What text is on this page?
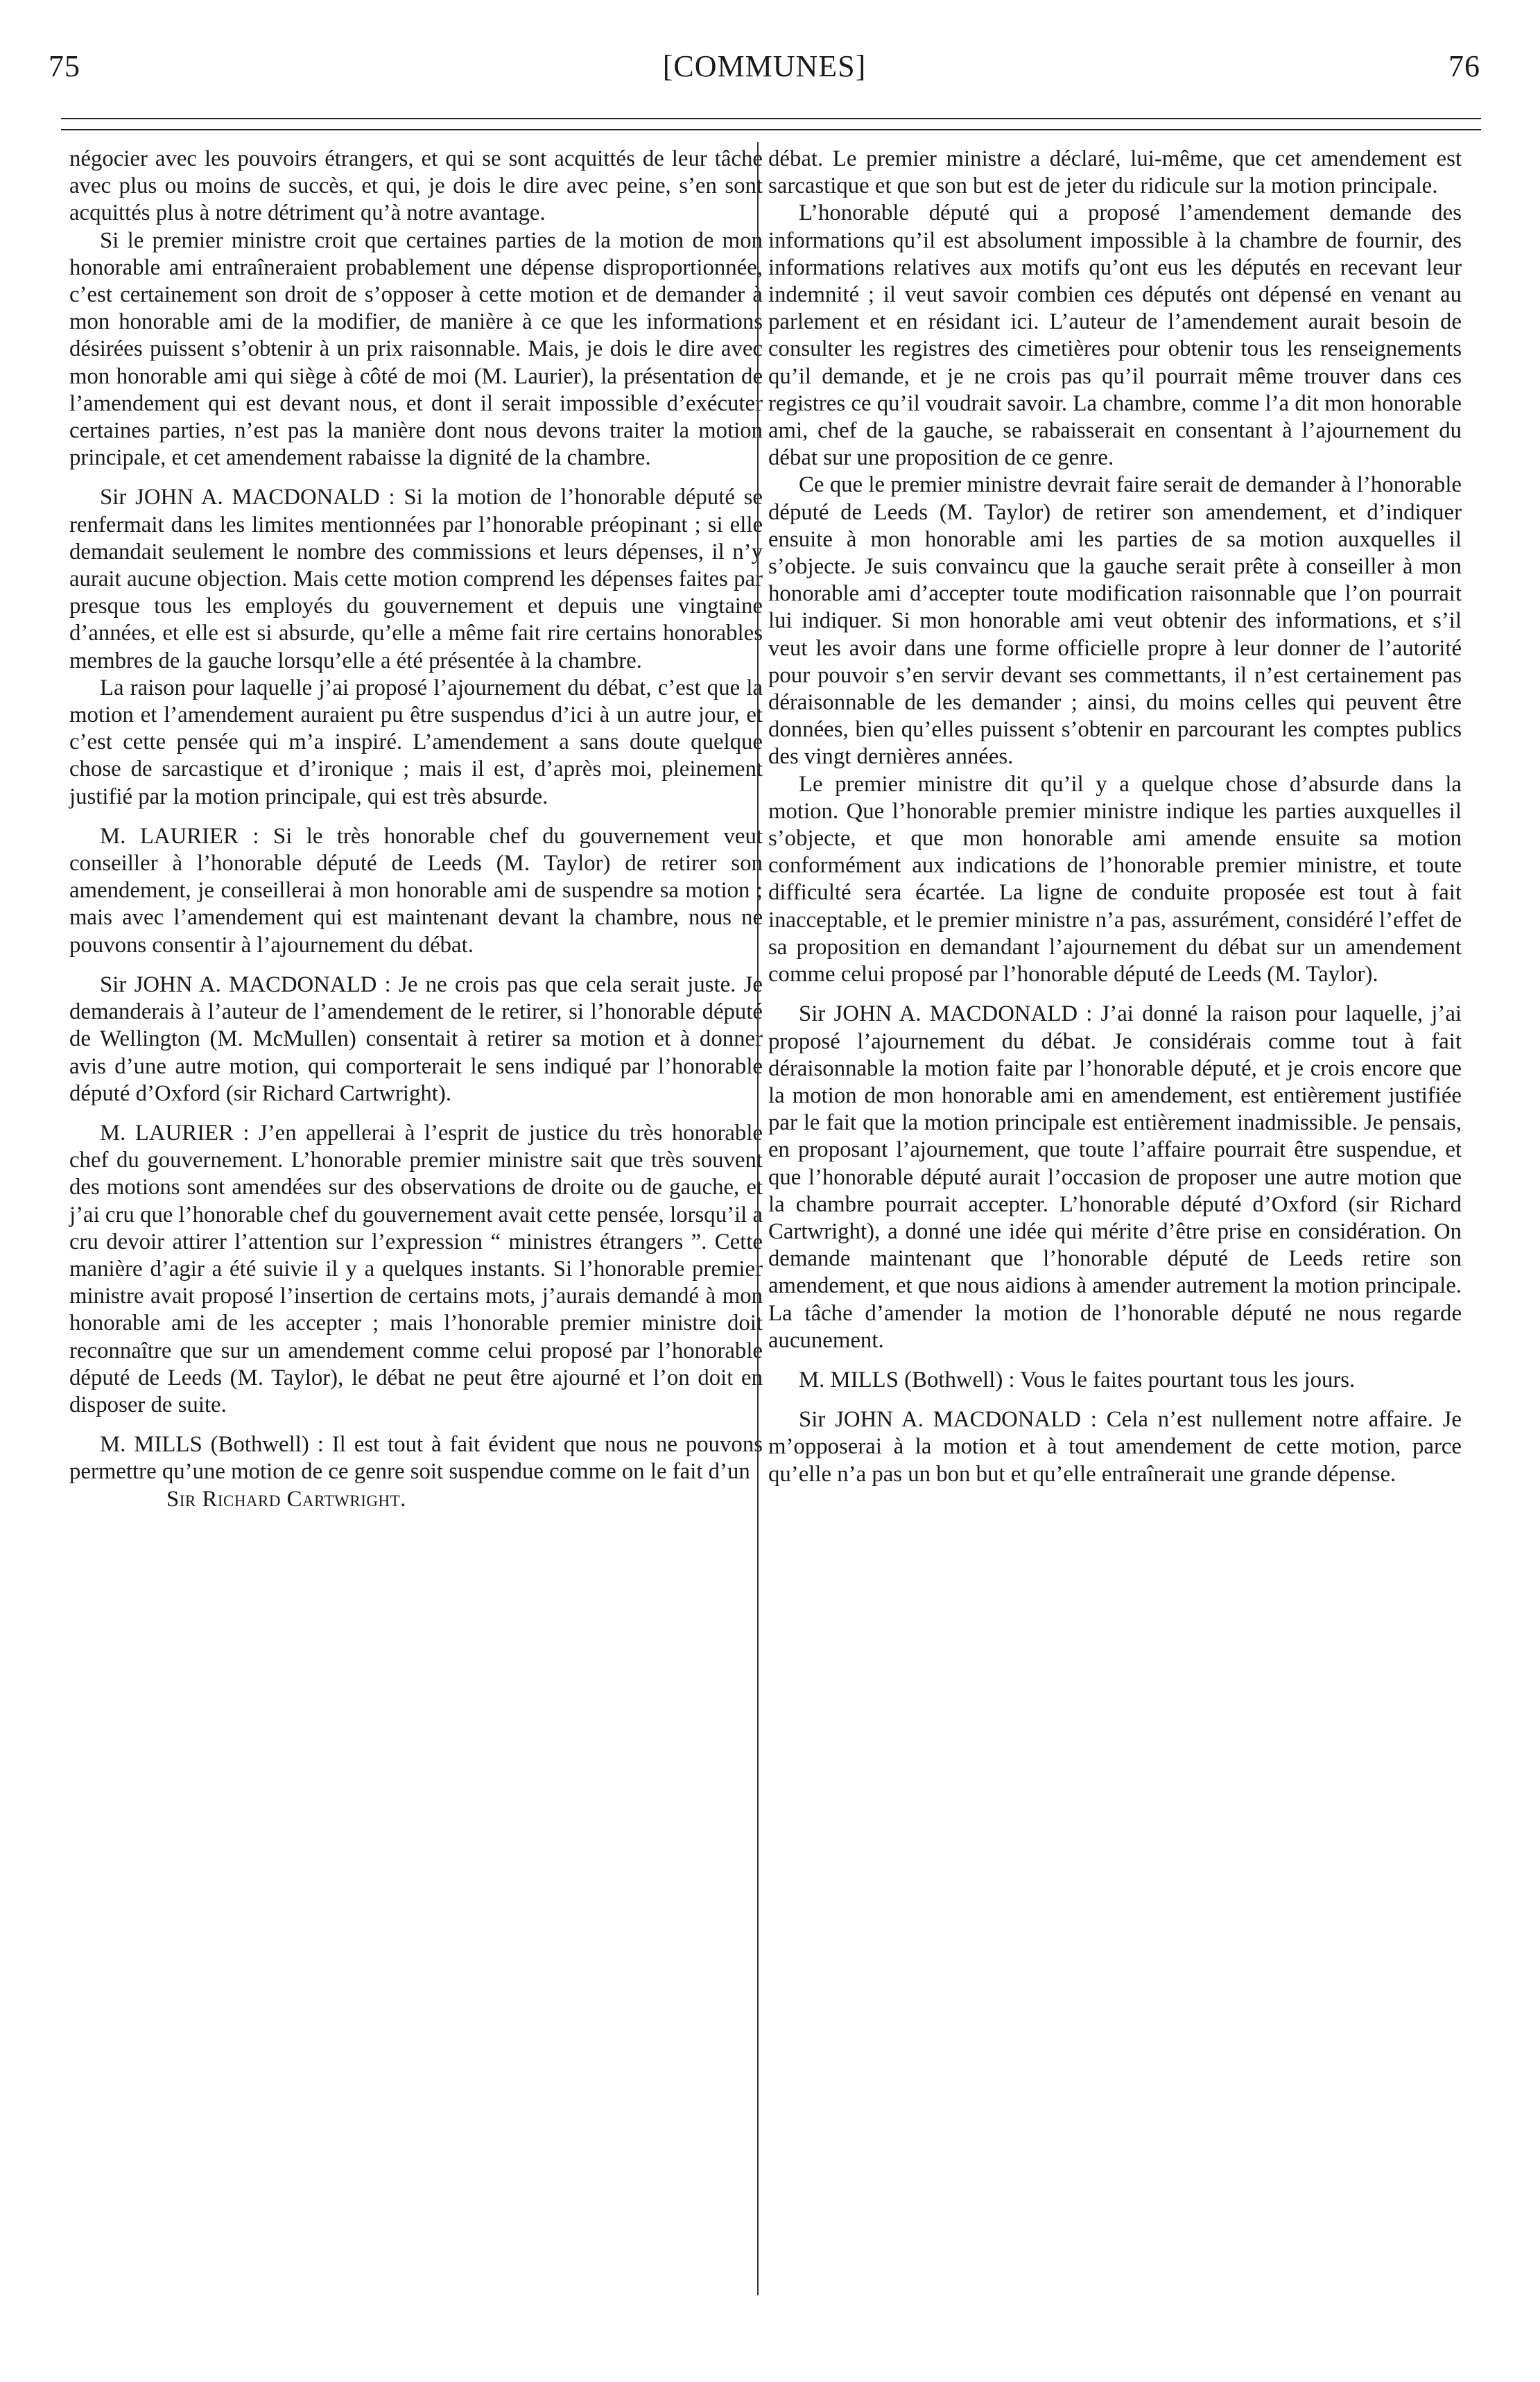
75	[COMMUNES]	76

négocier avec les pouvoirs étrangers, et qui se sont acquittés de leur tâche avec plus ou moins de succès, et qui, je dois le dire avec peine, s’en sont acquittés plus à notre détriment qu’à notre avantage.

Si le premier ministre croit que certaines parties de la motion de mon honorable ami entraîneraient probablement une dépense disproportionnée, c’est certainement son droit de s’opposer à cette motion et de demander à mon honorable ami de la modifier, de manière à ce que les informations désirées puissent s’obtenir à un prix raisonnable. Mais, je dois le dire avec mon honorable ami qui siège à côté de moi (M. Laurier), la présentation de l’amendement qui est devant nous, et dont il serait impossible d’exécuter certaines parties, n’est pas la manière dont nous devons traiter la motion principale, et cet amendement rabaisse la dignité de la chambre.

Sir JOHN A. MACDONALD : Si la motion de l’honorable député se renfermait dans les limites mentionnées par l’honorable préopinant ; si elle demandait seulement le nombre des commissions et leurs dépenses, il n’y aurait aucune objection. Mais cette motion comprend les dépenses faites par presque tous les employés du gouvernement et depuis une vingtaine d’années, et elle est si absurde, qu’elle a même fait rire certains honorables membres de la gauche lorsqu’elle a été présentée à la chambre.

La raison pour laquelle j’ai proposé l’ajournement du débat, c’est que la motion et l’amendement auraient pu être suspendus d’ici à un autre jour, et c’est cette pensée qui m’a inspiré. L’amendement a sans doute quelque chose de sarcastique et d’ironique ; mais il est, d’après moi, pleinement justifié par la motion principale, qui est très absurde.

M. LAURIER : Si le très honorable chef du gouvernement veut conseiller à l’honorable député de Leeds (M. Taylor) de retirer son amendement, je conseillerai à mon honorable ami de suspendre sa motion ; mais avec l’amendement qui est maintenant devant la chambre, nous ne pouvons consentir à l’ajournement du débat.

Sir JOHN A. MACDONALD : Je ne crois pas que cela serait juste. Je demanderais à l’auteur de l’amendement de le retirer, si l’honorable député de Wellington (M. McMullen) consentait à retirer sa motion et à donner avis d’une autre motion, qui comporterait le sens indiqué par l’honorable député d’Oxford (sir Richard Cartwright).

M. LAURIER : J’en appellerai à l’esprit de justice du très honorable chef du gouvernement. L’honorable premier ministre sait que très souvent des motions sont amendées sur des observations de droite ou de gauche, et j’ai cru que l’honorable chef du gouvernement avait cette pensée, lorsqu’il a cru devoir attirer l’attention sur l’expression “ ministres étrangers ”. Cette manière d’agir a été suivie il y a quelques instants. Si l’honorable premier ministre avait proposé l’insertion de certains mots, j’aurais demandé à mon honorable ami de les accepter ; mais l’honorable premier ministre doit reconnaître que sur un amendement comme celui proposé par l’honorable député de Leeds (M. Taylor), le débat ne peut être ajourné et l’on doit en disposer de suite.

M. MILLS (Bothwell) : Il est tout à fait évident que nous ne pouvons permettre qu’une motion de ce genre soit suspendue comme on le fait d’un

Sir Richard Cartwright.

débat. Le premier ministre a déclaré, lui-même, que cet amendement est sarcastique et que son but est de jeter du ridicule sur la motion principale.

L’honorable député qui a proposé l’amendement demande des informations qu’il est absolument impossible à la chambre de fournir, des informations relatives aux motifs qu’ont eus les députés en recevant leur indemnité ; il veut savoir combien ces députés ont dépensé en venant au parlement et en résidant ici. L’auteur de l’amendement aurait besoin de consulter les registres des cimetières pour obtenir tous les renseignements qu’il demande, et je ne crois pas qu’il pourrait même trouver dans ces registres ce qu’il voudrait savoir. La chambre, comme l’a dit mon honorable ami, chef de la gauche, se rabaisserait en consentant à l’ajournement du débat sur une proposition de ce genre.

Ce que le premier ministre devrait faire serait de demander à l’honorable député de Leeds (M. Taylor) de retirer son amendement, et d’indiquer ensuite à mon honorable ami les parties de sa motion auxquelles il s’objecte. Je suis convaincu que la gauche serait prête à conseiller à mon honorable ami d’accepter toute modification raisonnable que l’on pourrait lui indiquer. Si mon honorable ami veut obtenir des informations, et s’il veut les avoir dans une forme officielle propre à leur donner de l’autorité pour pouvoir s’en servir devant ses commettants, il n’est certainement pas déraisonnable de les demander ; ainsi, du moins celles qui peuvent être données, bien qu’elles puissent s’obtenir en parcourant les comptes publics des vingt dernières années.

Le premier ministre dit qu’il y a quelque chose d’absurde dans la motion. Que l’honorable premier ministre indique les parties auxquelles il s’objecte, et que mon honorable ami amende ensuite sa motion conformément aux indications de l’honorable premier ministre, et toute difficulté sera écartée. La ligne de conduite proposée est tout à fait inacceptable, et le premier ministre n’a pas, assurément, considéré l’effet de sa proposition en demandant l’ajournement du débat sur un amendement comme celui proposé par l’honorable député de Leeds (M. Taylor).

Sir JOHN A. MACDONALD : J’ai donné la raison pour laquelle, j’ai proposé l’ajournement du débat. Je considérais comme tout à fait déraisonnable la motion faite par l’honorable député, et je crois encore que la motion de mon honorable ami en amendement, est entièrement justifiée par le fait que la motion principale est entièrement inadmissible. Je pensais, en proposant l’ajournement, que toute l’affaire pourrait être suspendue, et que l’honorable député aurait l’occasion de proposer une autre motion que la chambre pourrait accepter. L’honorable député d’Oxford (sir Richard Cartwright), a donné une idée qui mérite d’être prise en considération. On demande maintenant que l’honorable député de Leeds retire son amendement, et que nous aidions à amender autrement la motion principale. La tâche d’amender la motion de l’honorable député ne nous regarde aucunement.

M. MILLS (Bothwell) : Vous le faites pourtant tous les jours.

Sir JOHN A. MACDONALD : Cela n’est nullement notre affaire. Je m’opposerai à la motion et à tout amendement de cette motion, parce qu’elle n’a pas un bon but et qu’elle entraînerait une grande dépense.
